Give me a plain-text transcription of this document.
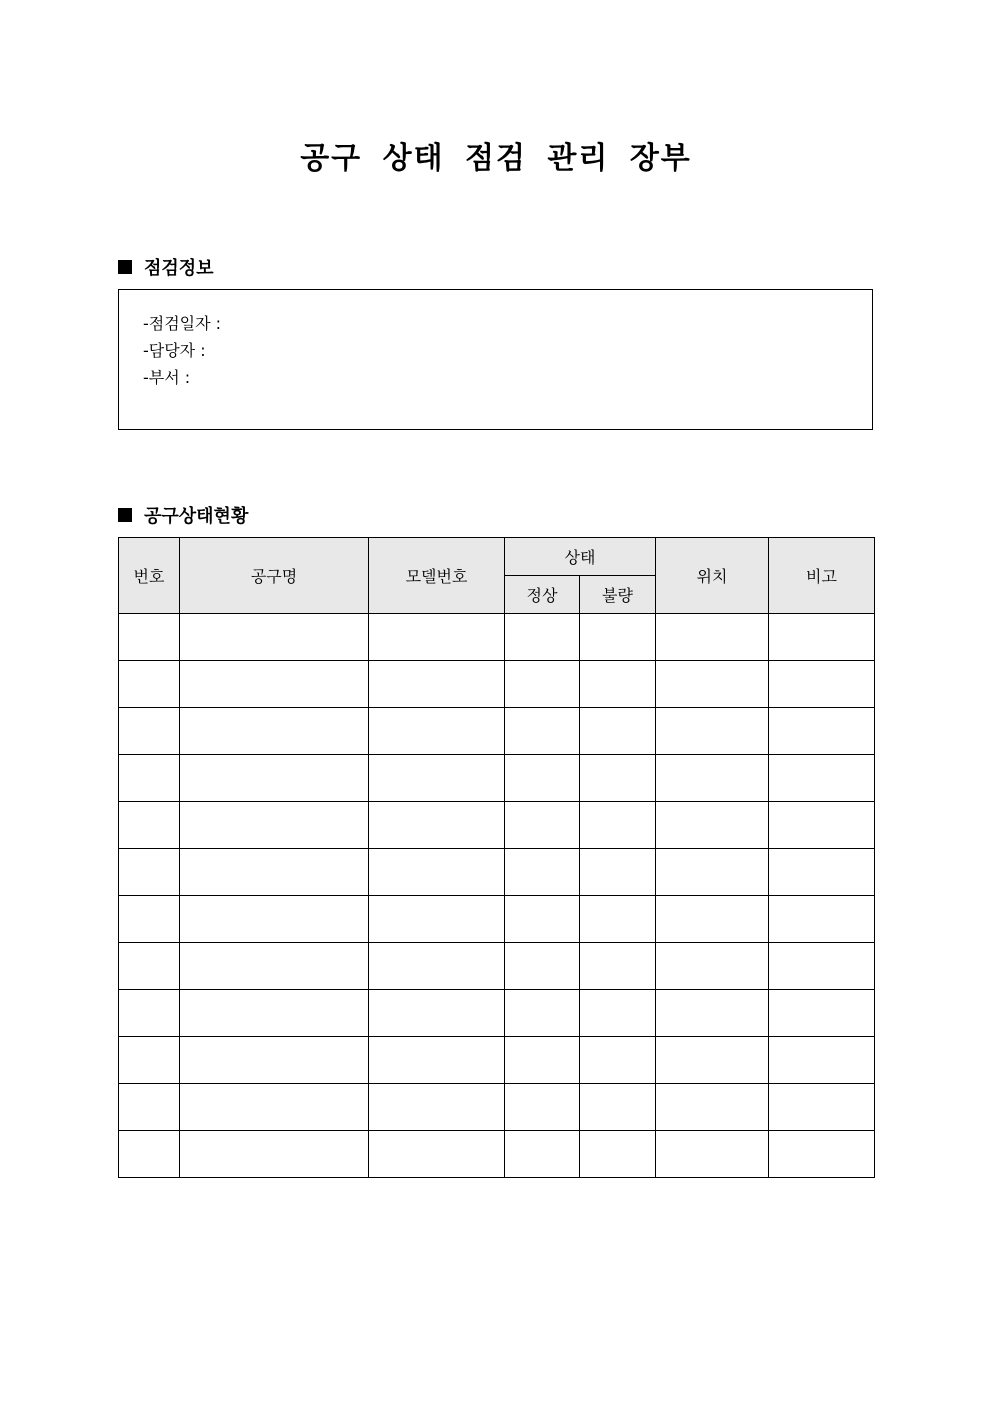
공구 상태 점검 관리 장부
점검정보
-점검일자 :
-담당자 :
-부서 :
공구상태현황
번호	공구명	모델번호	상태		위치	비고
			정상	불량		
